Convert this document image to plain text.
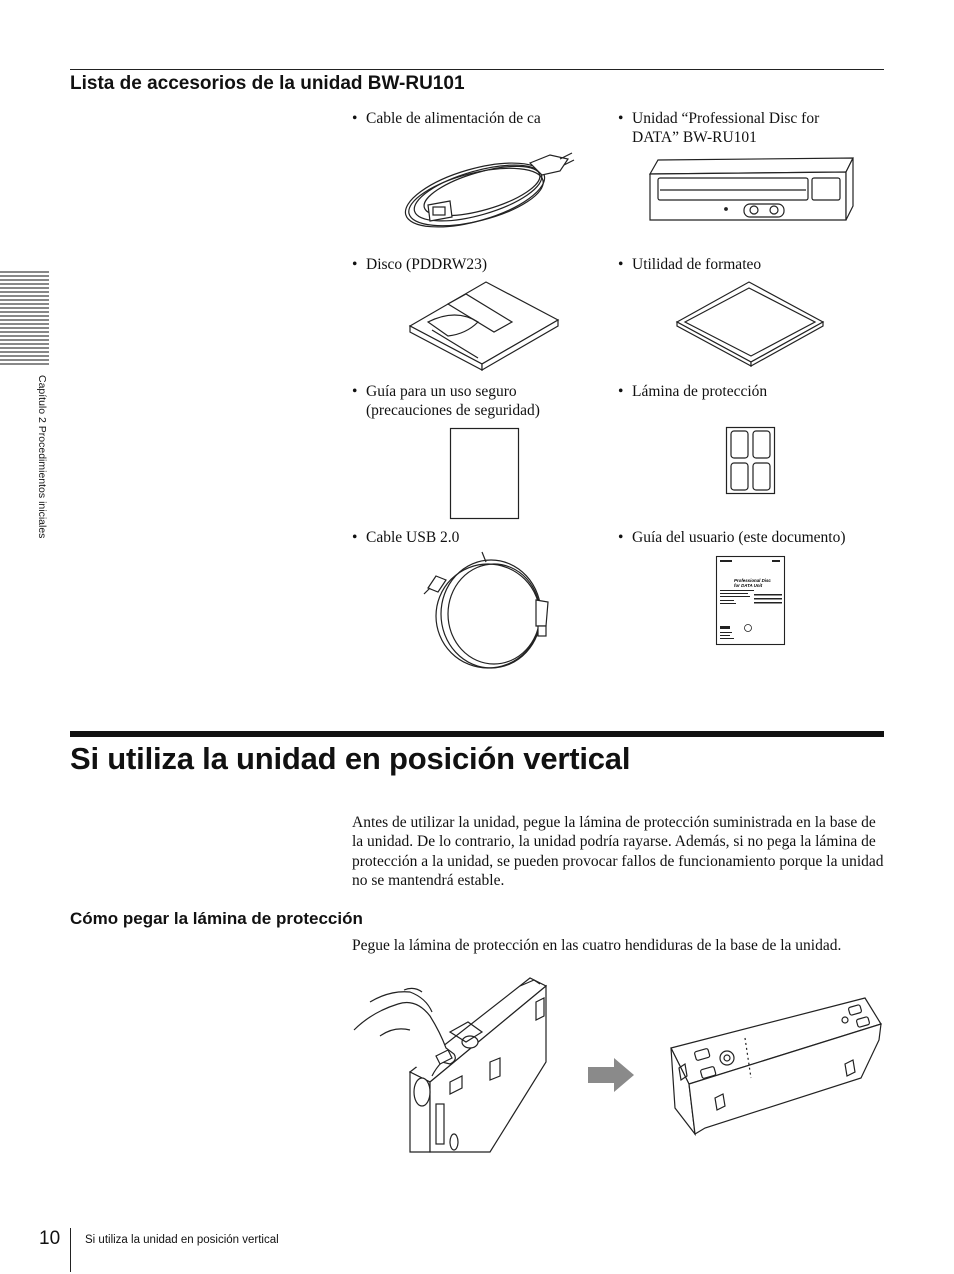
Lista de accesorios de la unidad BW-RU101
Capítulo 2 Procedimientos iniciales
• Cable de alimentación de ca	• Unidad “Professional Disc for DATA” BW-RU101
• Disco (PDDRW23)	• Utilidad de formateo
• Guía para un uso seguro (precauciones de seguridad)
• Lámina de protección
• Cable USB 2.0	• Guía del usuario (este documento)
Professional Disc
for DATA Unit
Si utiliza la unidad en posición vertical
Antes de utilizar la unidad, pegue la lámina de protección suministrada en la base de la unidad. De lo contrario, la unidad podría rayarse. Además, si no pega la lámina de protección a la unidad, se pueden provocar fallos de funcionamiento porque la unidad no se mantendrá estable.
Cómo pegar la lámina de protección
Pegue la lámina de protección en las cuatro hendiduras de la base de la unidad.
10 Si utiliza la unidad en posición vertical
